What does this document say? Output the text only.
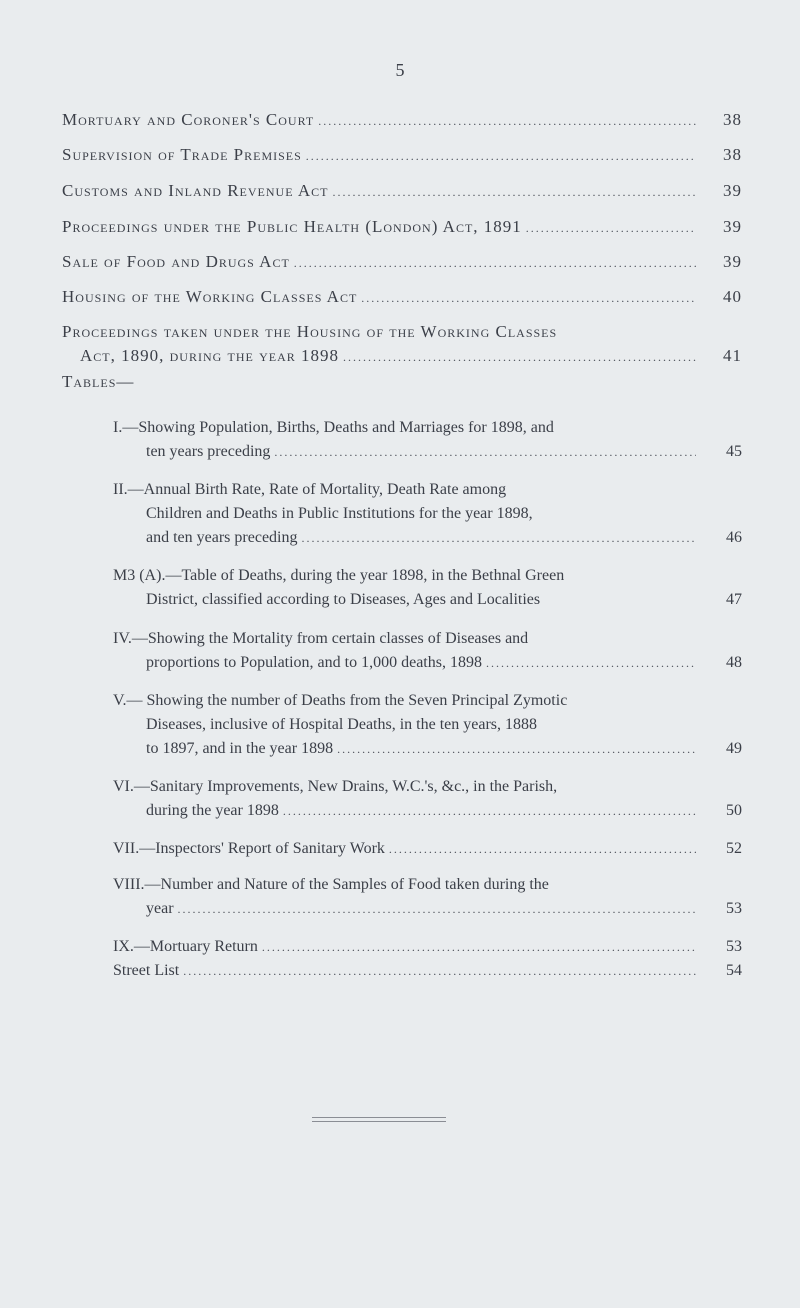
5
Mortuary and Coroner's Court .....	38
Supervision of Trade Premises .....	38
Customs and Inland Revenue Act .....	39
Proceedings under the Public Health (London) Act, 1891 .....	39
Sale of Food and Drugs Act .....	39
Housing of the Working Classes Act .....	40
Proceedings taken under the Housing of the Working Classes
Act, 1890, during the year 1898 .....	41
Tables—
I.—Showing Population, Births, Deaths and Marriages for 1898, and
ten years preceding .....	45
II.—Annual Birth Rate, Rate of Mortality, Death Rate among
Children and Deaths in Public Institutions for the year 1898,
and ten years preceding .....	46
M3 (A).—Table of Deaths, during the year 1898, in the Bethnal Green
District, classified according to Diseases, Ages and Localities	47
IV.—Showing the Mortality from certain classes of Diseases and
proportions to Population, and to 1,000 deaths, 1898 .....	48
V.— Showing the number of Deaths from the Seven Principal Zymotic
Diseases, inclusive of Hospital Deaths, in the ten years, 1888
to 1897, and in the year 1898 .....	49
VI.—Sanitary Improvements, New Drains, W.C.'s, &c., in the Parish,
during the year 1898 .....	50
VII.—Inspectors' Report of Sanitary Work .....	52
VIII.—Number and Nature of the Samples of Food taken during the
year .....	53
IX.—Mortuary Return .....	53
Street List .....	54
